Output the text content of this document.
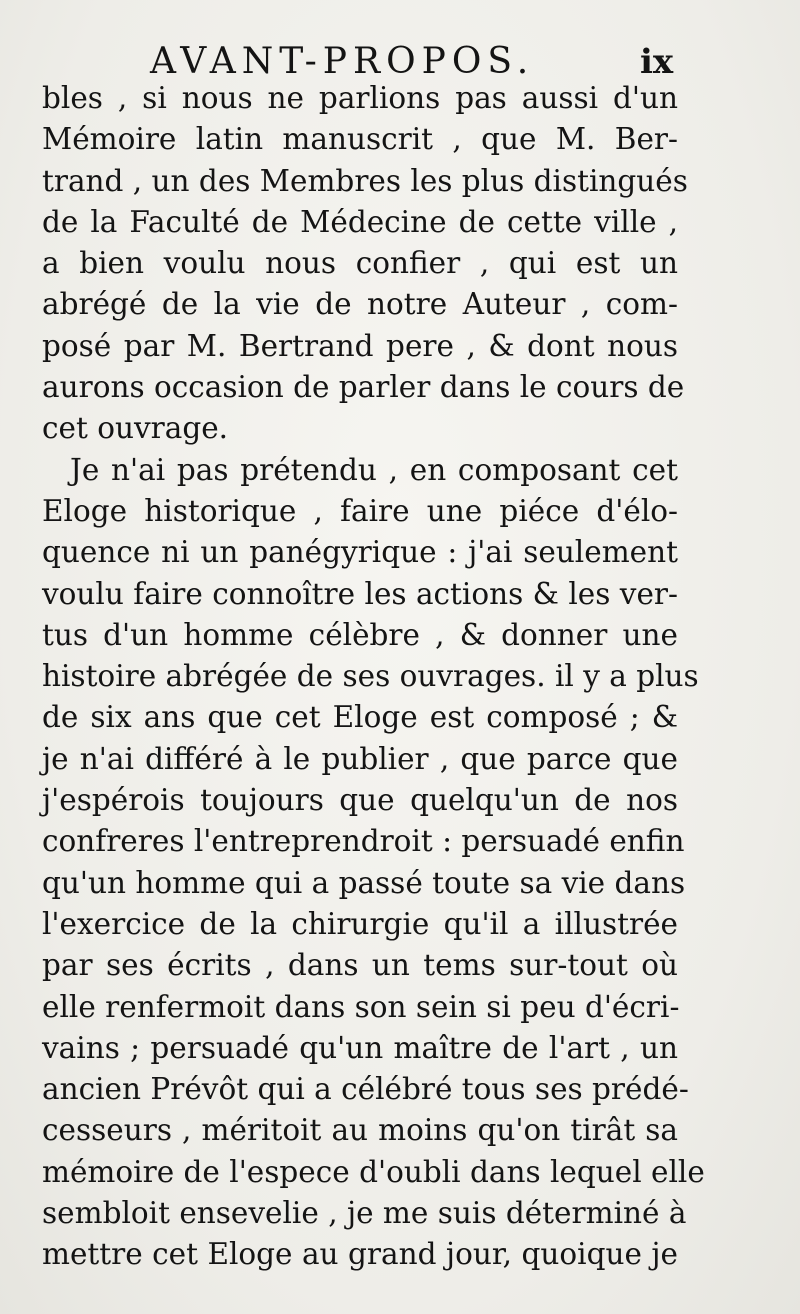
AVANT-PROPOS.	ix
bles , si nous ne parlions pas aussi d'un
Mémoire latin manuscrit , que M. Ber-
trand , un des Membres les plus distingués
de la Faculté de Médecine de cette ville ,
a bien voulu nous confier , qui est un
abrégé de la vie de notre Auteur , com-
posé par M. Bertrand pere , & dont nous
aurons occasion de parler dans le cours de
cet ouvrage.
Je n'ai pas prétendu , en composant cet
Eloge historique , faire une piéce d'élo-
quence ni un panégyrique : j'ai seulement
voulu faire connoître les actions & les ver-
tus d'un homme célèbre , & donner une
histoire abrégée de ses ouvrages. il y a plus
de six ans que cet Eloge est composé ; &
je n'ai différé à le publier , que parce que
j'espérois toujours que quelqu'un de nos
confreres l'entreprendroit : persuadé enfin
qu'un homme qui a passé toute sa vie dans
l'exercice de la chirurgie qu'il a illustrée
par ses écrits , dans un tems sur-tout où
elle renfermoit dans son sein si peu d'écri-
vains ; persuadé qu'un maître de l'art , un
ancien Prévôt qui a célébré tous ses prédé-
cesseurs , méritoit au moins qu'on tirât sa
mémoire de l'espece d'oubli dans lequel elle
sembloit ensevelie , je me suis déterminé à
mettre cet Eloge au grand jour, quoique je
